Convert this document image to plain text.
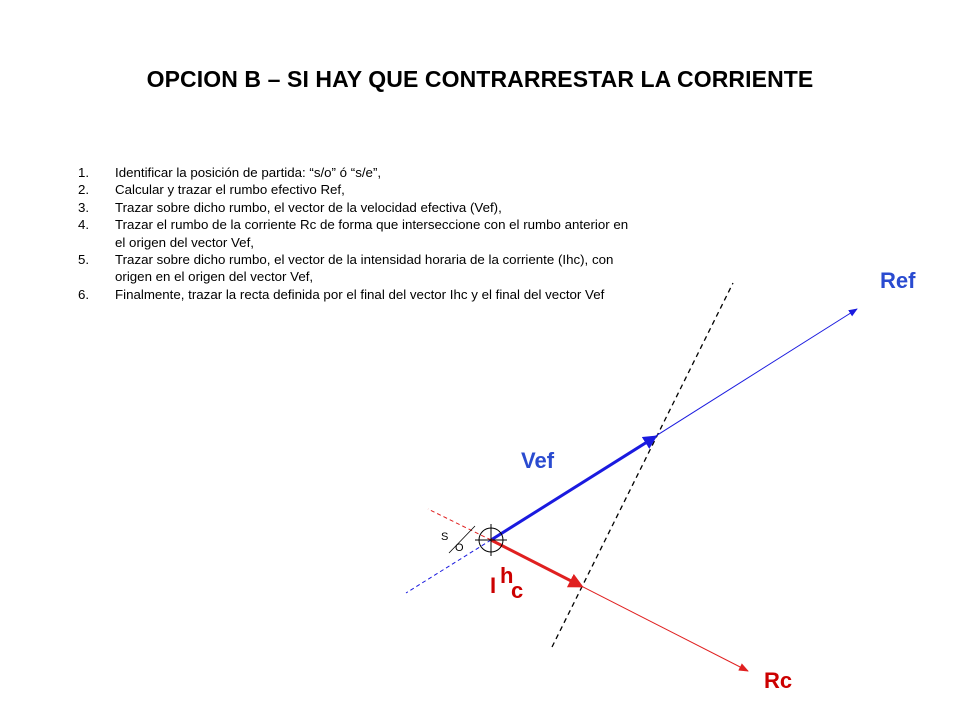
OPCION B – SI HAY QUE CONTRARRESTAR LA CORRIENTE
1. Identificar la posición de partida: “s/o” ó “s/e”,
2. Calcular y trazar el rumbo efectivo Ref,
3. Trazar sobre dicho rumbo, el vector de la velocidad efectiva (Vef),
4. Trazar el rumbo de la corriente Rc de forma que interseccione con el rumbo anterior en el origen del vector Vef,
5. Trazar sobre dicho rumbo, el vector de la intensidad horaria de la corriente (Ihc), con origen en el origen del vector Vef,
6. Finalmente, trazar la recta definida por el final del vector Ihc y el final del vector Vef
S
O
Ref
Vef
Rc
I h
c
